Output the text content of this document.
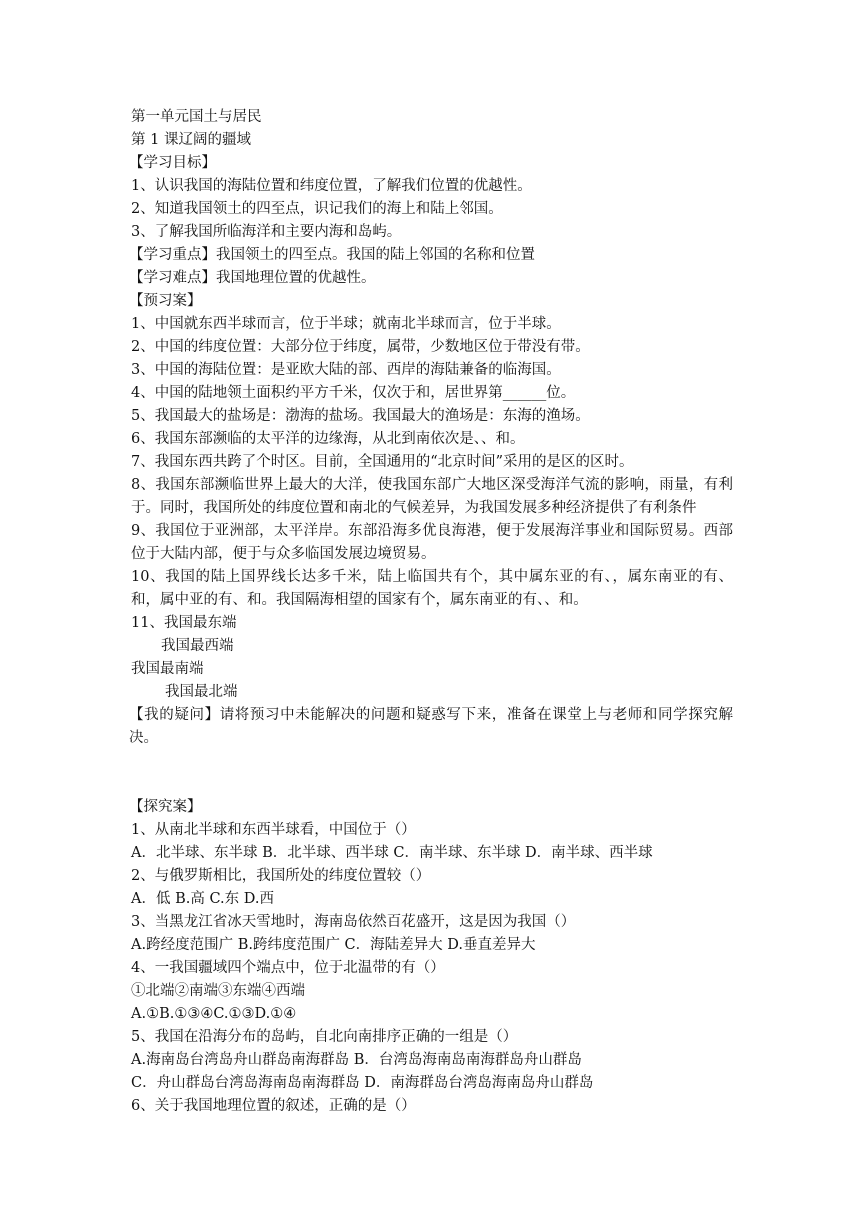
第一单元国土与居民
第 1 课辽阔的疆域
【学习目标】
1、认识我国的海陆位置和纬度位置，了解我们位置的优越性。
2、知道我国领土的四至点，识记我们的海上和陆上邻国。
3、了解我国所临海洋和主要内海和岛屿。
【学习重点】我国领土的四至点。我国的陆上邻国的名称和位置
【学习难点】我国地理位置的优越性。
【预习案】
1、中国就东西半球而言，位于半球；就南北半球而言，位于半球。
2、中国的纬度位置：大部分位于纬度，属带，少数地区位于带没有带。
3、中国的海陆位置：是亚欧大陆的部、西岸的海陆兼备的临海国。
4、中国的陆地领土面积约平方千米，仅次于和，居世界第______位。
5、我国最大的盐场是：渤海的盐场。我国最大的渔场是：东海的渔场。
6、我国东部濒临的太平洋的边缘海，从北到南依次是、、和。
7、我国东西共跨了个时区。目前，全国通用的“北京时间”采用的是区的区时。
8、我国东部濒临世界上最大的大洋，使我国东部广大地区深受海洋气流的影响，雨量，有利于。同时，我国所处的纬度位置和南北的气候差异，为我国发展多种经济提供了有利条件
9、我国位于亚洲部，太平洋岸。东部沿海多优良海港，便于发展海洋事业和国际贸易。西部位于大陆内部，便于与众多临国发展边境贸易。
10、我国的陆上国界线长达多千米，陆上临国共有个，其中属东亚的有、，属东南亚的有、和，属中亚的有、和。我国隔海相望的国家有个，属东南亚的有、、和。
11、我国最东端
我国最西端
我国最南端
我国最北端
【我的疑问】请将预习中未能解决的问题和疑惑写下来，准备在课堂上与老师和同学探究解决。
【探究案】
1、从南北半球和东西半球看，中国位于（）
A．北半球、东半球 B．北半球、西半球 C．南半球、东半球 D．南半球、西半球
2、与俄罗斯相比，我国所处的纬度位置较（）
A．低 B.高 C.东 D.西
3、当黑龙江省冰天雪地时，海南岛依然百花盛开，这是因为我国（）
A.跨经度范围广 B.跨纬度范围广 C．海陆差异大 D.垂直差异大
4、一我国疆域四个端点中，位于北温带的有（）
①北端②南端③东端④西端
A.①B.①③④C.①③D.①④
5、我国在沿海分布的岛屿，自北向南排序正确的一组是（）
A.海南岛台湾岛舟山群岛南海群岛 B．台湾岛海南岛南海群岛舟山群岛
C．舟山群岛台湾岛海南岛南海群岛 D．南海群岛台湾岛海南岛舟山群岛
6、关于我国地理位置的叙述，正确的是（）
